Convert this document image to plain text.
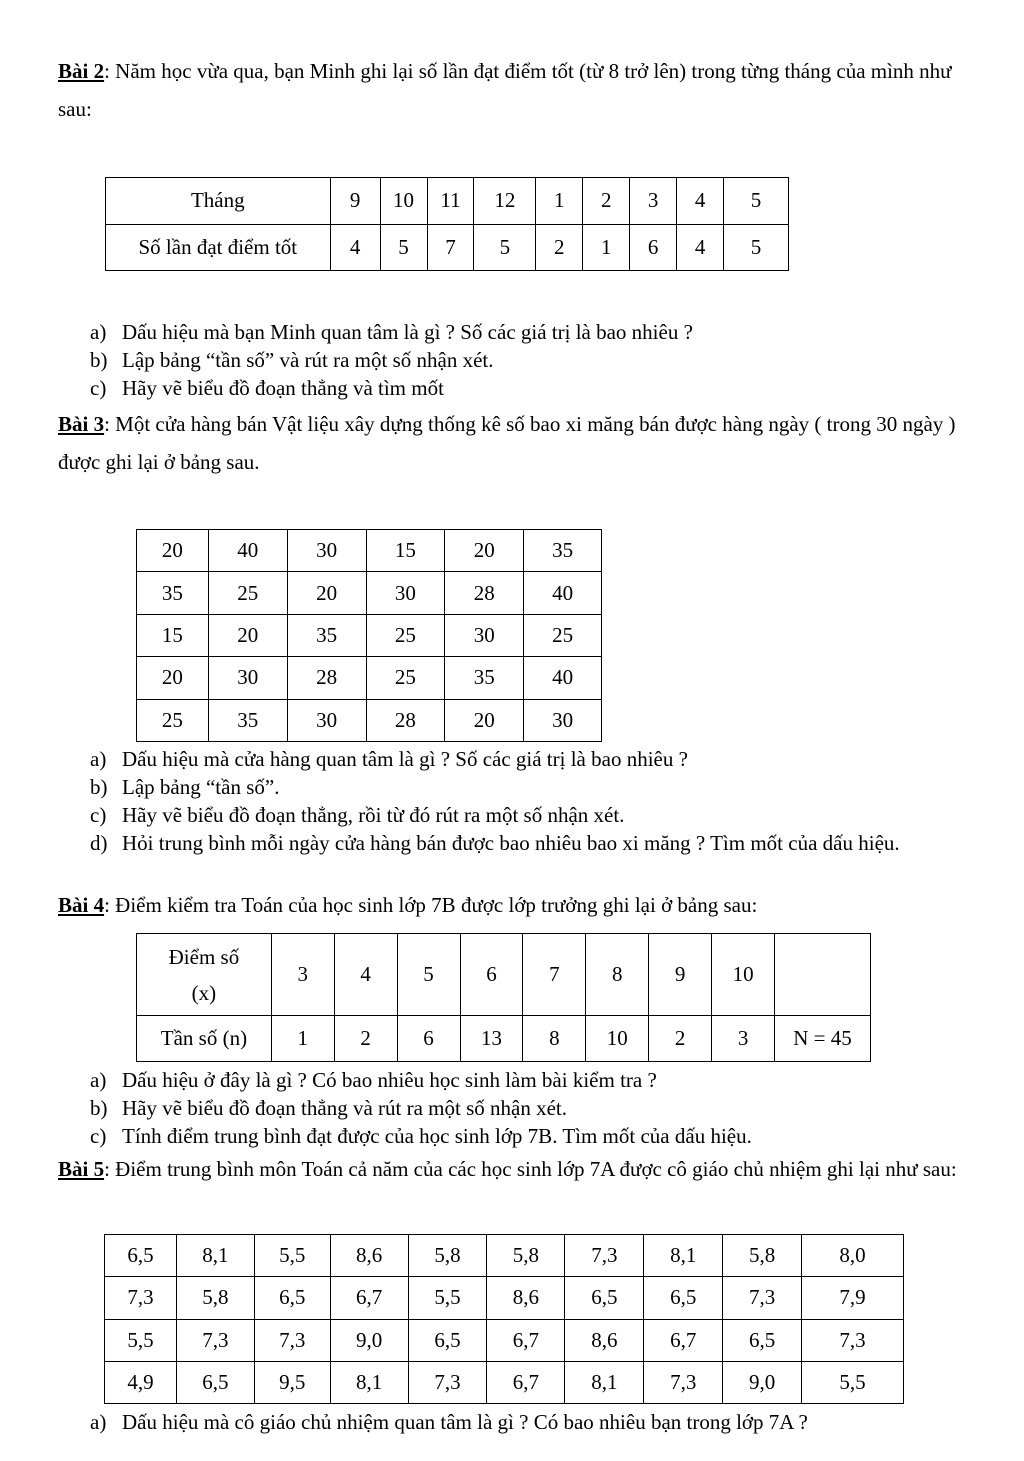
Bài 2: Năm học vừa qua, bạn Minh ghi lại số lần đạt điểm tốt (từ 8 trở lên) trong từng tháng của mình như sau:
Tháng	9	10	11	12	1	2	3	4	5
Số lần đạt điểm tốt	4	5	7	5	2	1	6	4	5
a) Dấu hiệu mà bạn Minh quan tâm là gì ? Số các giá trị là bao nhiêu ?
b) Lập bảng “tần số” và rút ra một số nhận xét.
c) Hãy vẽ biểu đồ đoạn thẳng và tìm mốt
Bài 3: Một cửa hàng bán Vật liệu xây dựng thống kê số bao xi măng bán được hàng ngày ( trong 30 ngày ) được ghi lại ở bảng sau.
20	40	30	15	20	35
35	25	20	30	28	40
15	20	35	25	30	25
20	30	28	25	35	40
25	35	30	28	20	30
a) Dấu hiệu mà cửa hàng quan tâm là gì ? Số các giá trị là bao nhiêu ?
b) Lập bảng “tần số”.
c) Hãy vẽ biểu đồ đoạn thẳng, rồi từ đó rút ra một số nhận xét.
d) Hỏi trung bình mỗi ngày cửa hàng bán được bao nhiêu bao xi măng ? Tìm mốt của dấu hiệu.
Bài 4: Điểm kiểm tra Toán của học sinh lớp 7B được lớp trưởng ghi lại ở bảng sau:
Điểm số
(x)	3	4	5	6	7	8	9	10	
Tần số (n)	1	2	6	13	8	10	2	3	N = 45
a) Dấu hiệu ở đây là gì ? Có bao nhiêu học sinh làm bài kiểm tra ?
b) Hãy vẽ biểu đồ đoạn thẳng và rút ra một số nhận xét.
c) Tính điểm trung bình đạt được của học sinh lớp 7B. Tìm mốt của dấu hiệu.
Bài 5: Điểm trung bình môn Toán cả năm của các học sinh lớp 7A được cô giáo chủ nhiệm ghi lại như sau:
6,5	8,1	5,5	8,6	5,8	5,8	7,3	8,1	5,8	8,0
7,3	5,8	6,5	6,7	5,5	8,6	6,5	6,5	7,3	7,9
5,5	7,3	7,3	9,0	6,5	6,7	8,6	6,7	6,5	7,3
4,9	6,5	9,5	8,1	7,3	6,7	8,1	7,3	9,0	5,5
a) Dấu hiệu mà cô giáo chủ nhiệm quan tâm là gì ? Có bao nhiêu bạn trong lớp 7A ?
